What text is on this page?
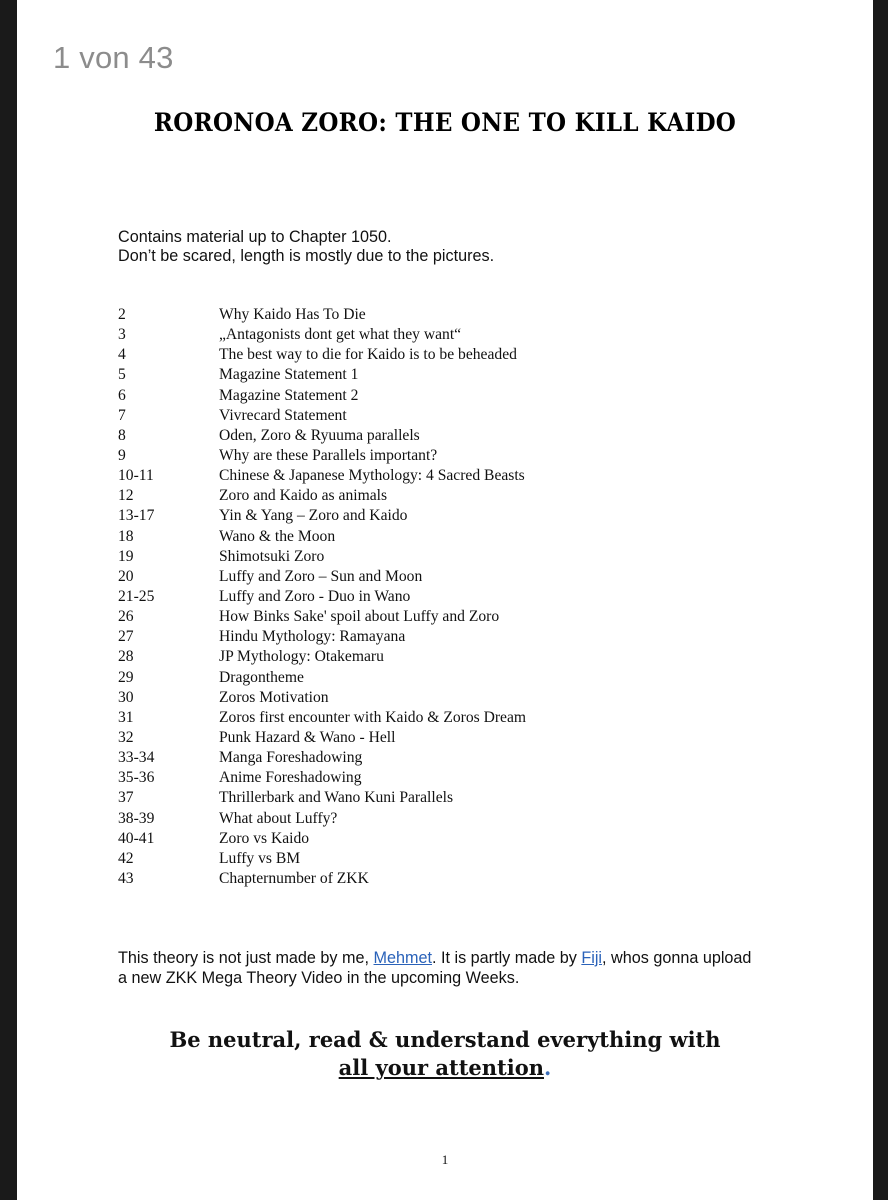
1 von 43
RORONOA ZORO: THE ONE TO KILL KAIDO
Contains material up to Chapter 1050.
Don’t be scared, length is mostly due to the pictures.
2	Why Kaido Has To Die
3	„Antagonists dont get what they want“
4	The best way to die for Kaido is to be beheaded
5	Magazine Statement 1
6	Magazine Statement 2
7	Vivrecard Statement
8	Oden, Zoro & Ryuuma parallels
9	Why are these Parallels important?
10-11	Chinese & Japanese Mythology: 4 Sacred Beasts
12	Zoro and Kaido as animals
13-17	Yin & Yang – Zoro and Kaido
18	Wano & the Moon
19	Shimotsuki Zoro
20	Luffy and Zoro – Sun and Moon
21-25	Luffy and Zoro - Duo in Wano
26	How Binks Sake' spoil about Luffy and Zoro
27	Hindu Mythology: Ramayana
28	JP Mythology: Otakemaru
29	Dragontheme
30	Zoros Motivation
31	Zoros first encounter with Kaido & Zoros Dream
32	Punk Hazard & Wano - Hell
33-34	Manga Foreshadowing
35-36	Anime Foreshadowing
37	Thrillerbark and Wano Kuni Parallels
38-39	What about Luffy?
40-41	Zoro vs Kaido
42	Luffy vs BM
43	Chapternumber of ZKK
This theory is not just made by me, Mehmet. It is partly made by Fiji, whos gonna upload a new ZKK Mega Theory Video in the upcoming Weeks.
Be neutral, read & understand everything with
all your attention.
1
